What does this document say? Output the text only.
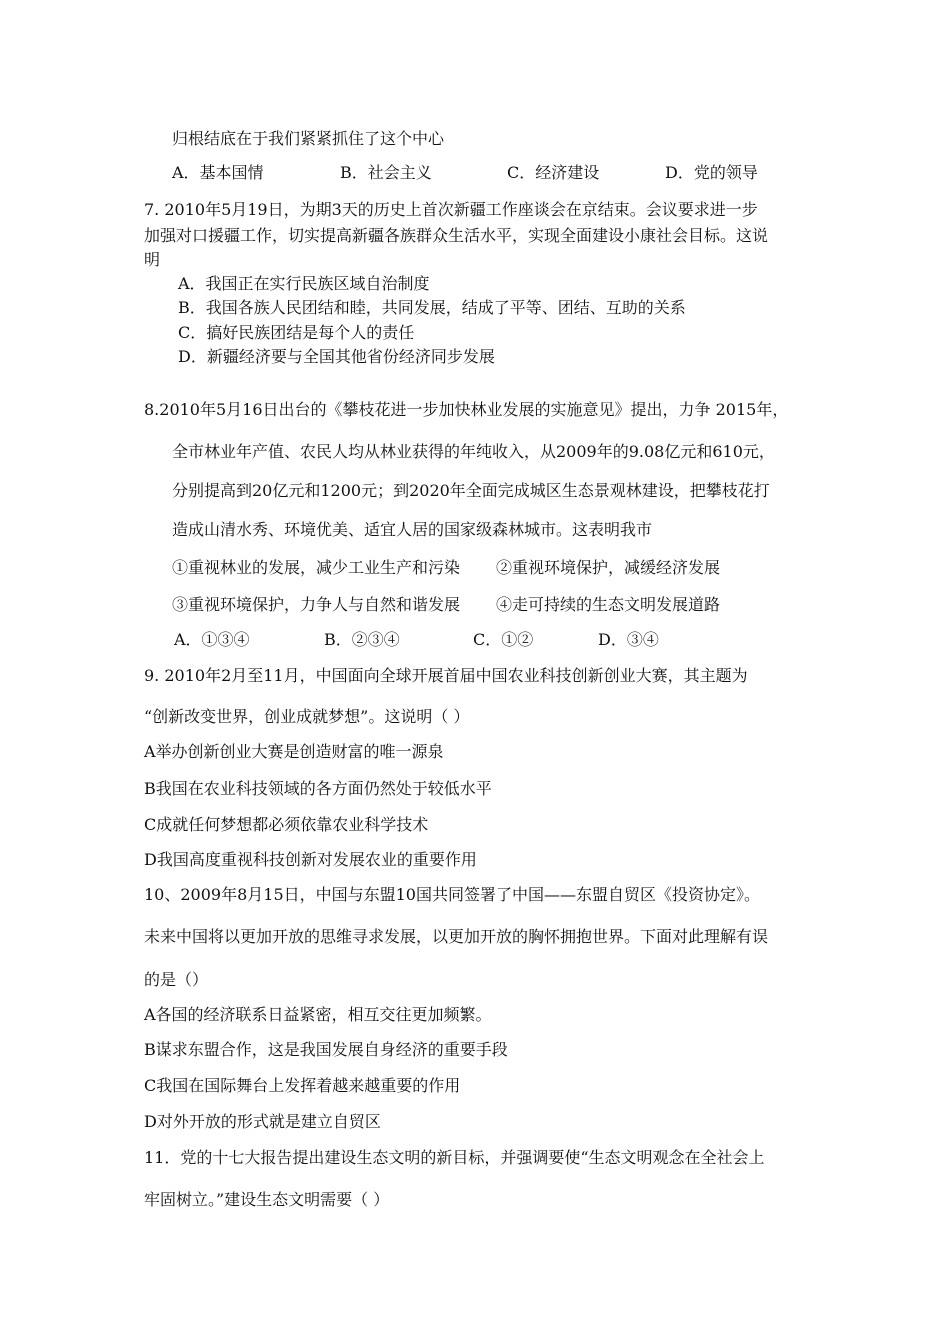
归根结底在于我们紧紧抓住了这个中心
A．基本国情	B．社会主义	C．经济建设	D．党的领导
7. 2010年5月19日，为期3天的历史上首次新疆工作座谈会在京结束。会议要求进一步
加强对口援疆工作，切实提高新疆各族群众生活水平，实现全面建设小康社会目标。这说
明
A．我国正在实行民族区域自治制度
B．我国各族人民团结和睦，共同发展，结成了平等、团结、互助的关系
C．搞好民族团结是每个人的责任
D．新疆经济要与全国其他省份经济同步发展
8.2010年5月16日出台的《攀枝花进一步加快林业发展的实施意见》提出，力争 2015年，
全市林业年产值、农民人均从林业获得的年纯收入，从2009年的9.08亿元和610元，
分别提高到20亿元和1200元；到2020年全面完成城区生态景观林建设，把攀枝花打
造成山清水秀、环境优美、适宜人居的国家级森林城市。这表明我市
①重视林业的发展，减少工业生产和污染 ②重视环境保护，减缓经济发展
③重视环境保护，力争人与自然和谐发展 ④走可持续的生态文明发展道路
A．①③④	B．②③④	C．①②	D．③④
9. 2010年2月至11月，中国面向全球开展首届中国农业科技创新创业大赛，其主题为
“创新改变世界，创业成就梦想”。这说明（ ）
A举办创新创业大赛是创造财富的唯一源泉
B我国在农业科技领域的各方面仍然处于较低水平
C成就任何梦想都必须依靠农业科学技术
D我国高度重视科技创新对发展农业的重要作用
10、2009年8月15日，中国与东盟10国共同签署了中国——东盟自贸区《投资协定》。
未来中国将以更加开放的思维寻求发展，以更加开放的胸怀拥抱世界。下面对此理解有误
的是（）
A各国的经济联系日益紧密，相互交往更加频繁。
B谋求东盟合作，这是我国发展自身经济的重要手段
C我国在国际舞台上发挥着越来越重要的作用
D对外开放的形式就是建立自贸区
11．党的十七大报告提出建设生态文明的新目标，并强调要使“生态文明观念在全社会上
牢固树立。”建设生态文明需要（ ）
